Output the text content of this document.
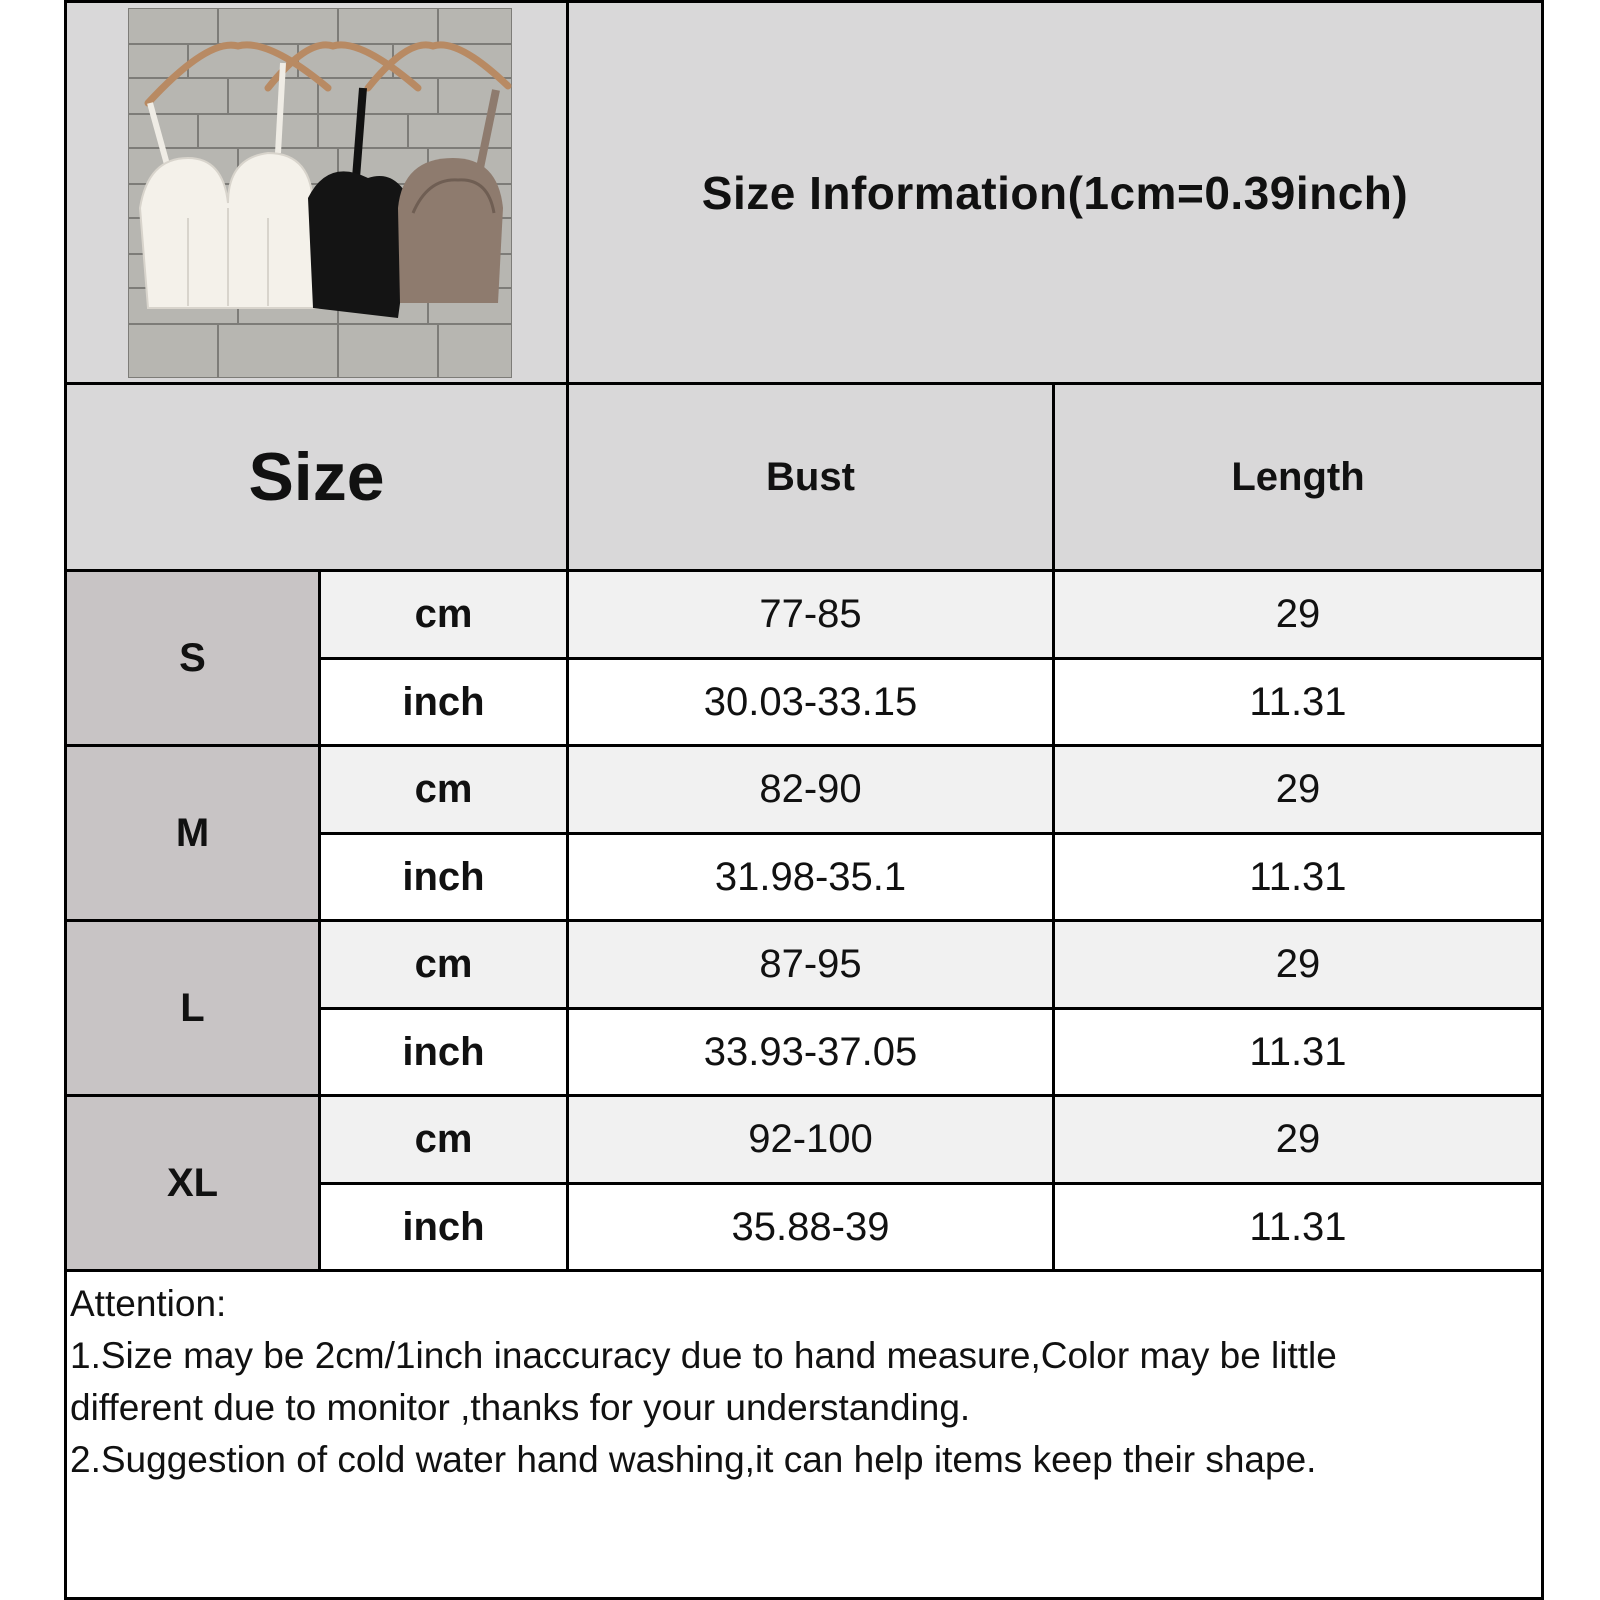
Size Information(1cm=0.39inch)
Size	Bust	Length
S
cm	77-85	29
inch	30.03-33.15	11.31
M
cm	82-90	29
inch	31.98-35.1	11.31
L
cm	87-95	29
inch	33.93-37.05	11.31
XL
cm	92-100	29
inch	35.88-39	11.31
Attention:
1.Size may be 2cm/1inch inaccuracy due to hand measure,Color may be little
different due to monitor ,thanks for your understanding.
2.Suggestion of cold water hand washing,it can help items keep their shape.
